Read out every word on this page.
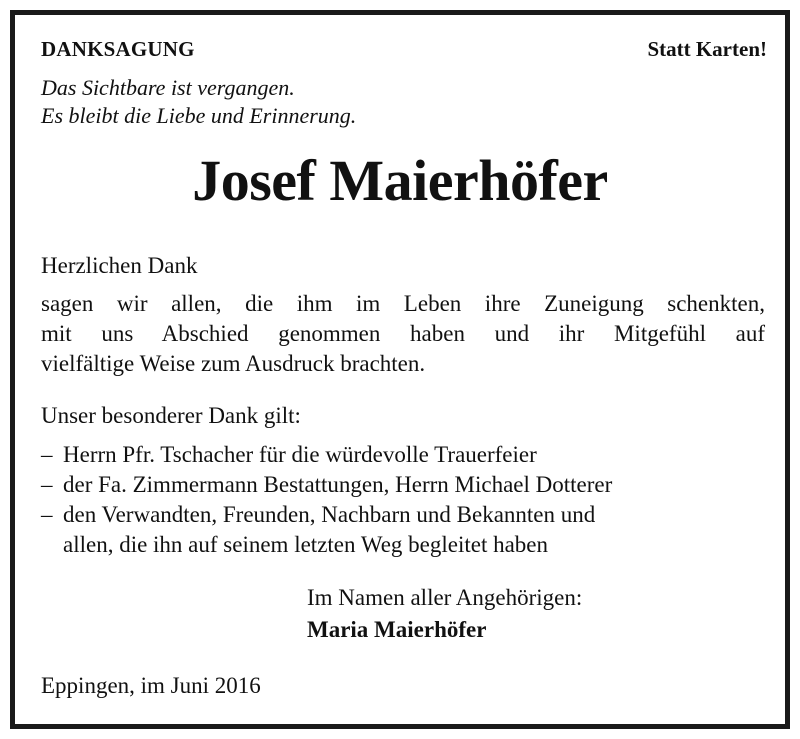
DANKSAGUNG	Statt Karten!
Das Sichtbare ist vergangen.
Es bleibt die Liebe und Erinnerung.
Josef Maierhöfer
Herzlichen Dank
sagen wir allen, die ihm im Leben ihre Zuneigung schenkten,
mit uns Abschied genommen haben und ihr Mitgefühl auf
vielfältige Weise zum Ausdruck brachten.
Unser besonderer Dank gilt:
– Herrn Pfr. Tschacher für die würdevolle Trauerfeier
– der Fa. Zimmermann Bestattungen, Herrn Michael Dotterer
– den Verwandten, Freunden, Nachbarn und Bekannten und
allen, die ihn auf seinem letzten Weg begleitet haben
Im Namen aller Angehörigen:
Maria Maierhöfer
Eppingen, im Juni 2016
